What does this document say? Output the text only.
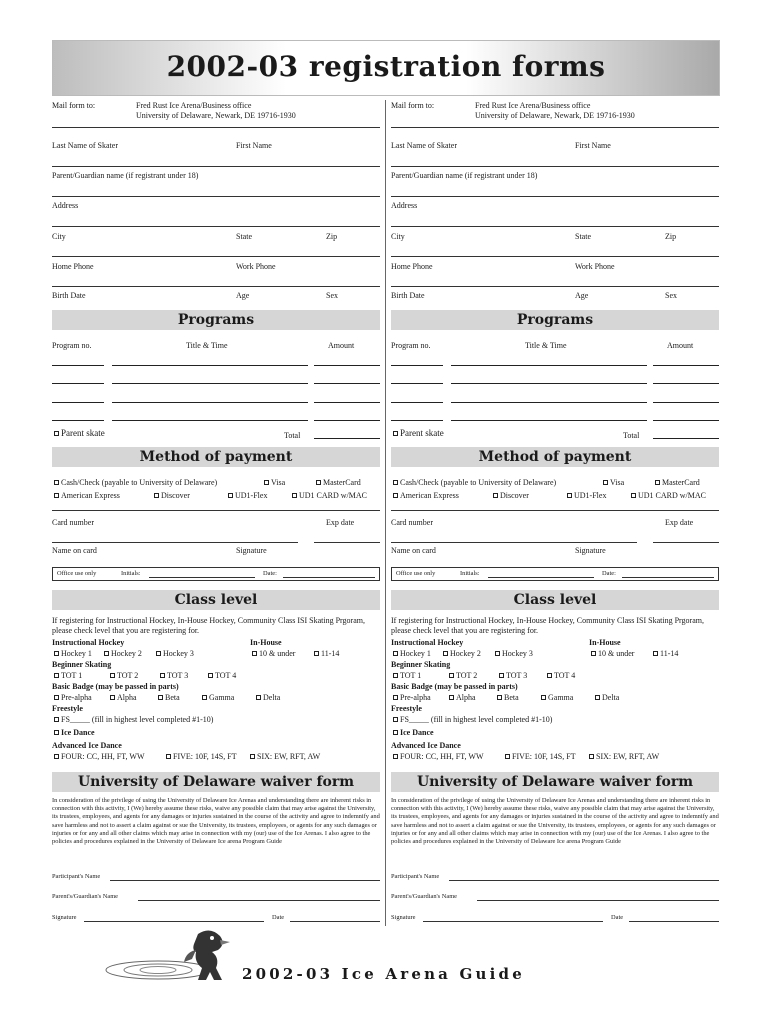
2002-03 registration forms
Mail form to:	Fred Rust Ice Arena/Business office
University of Delaware, Newark, DE 19716-1930
Last Name of Skater	First Name
Parent/Guardian name (if registrant under 18)
Address
City	State	Zip
Home Phone	Work Phone
Birth Date	Age	Sex
Programs
Program no.	Title & Time	Amount
Parent skate	Total
Method of payment
Cash/Check (payable to University of Delaware)	Visa	MasterCard
American Express	Discover	UD1-Flex	UD1 CARD w/MAC
Card number	Exp date
Name on card	Signature
Office use only	Initials:	Date:
Class level
If registering for Instructional Hockey, In-House Hockey, Community Class ISI Skating Prgoram, please check level that you are registering for.
Instructional Hockey	In-House
Hockey 1	Hockey 2	Hockey 3	10 & under	11-14
Beginner Skating
TOT 1	TOT 2	TOT 3	TOT 4
Basic Badge (may be passed in parts)
Pre-alpha	Alpha	Beta	Gamma	Delta
Freestyle
FS_____ (fill in highest level completed #1-10)
Ice Dance
Advanced Ice Dance
FOUR: CC, HH, FT, WW	FIVE: 10F, 14S, FT	SIX: EW, RFT, AW
University of Delaware waiver form
In consideration of the privilege of using the University of Delaware Ice Arenas and understanding there are inherent risks in connection with this activity, I (We) hereby assume these risks, waive any possible claim that may arise against the University, its trustees, employees, and agents for any damages or injuries sustained in the course of the activity and agree to indemnify and save harmless and not to assert a claim against or sue the University, its trustees, employees, or agents for any such damages or injuries or for any and all other claims which may arise in connection with my (our) use of the Ice Arenas. I also agree to the policies and procedures explained in the University of Delaware Ice arena Program Guide
Participant's Name
Parent's/Guardian's Name
Signature	Date
Mail form to:	Fred Rust Ice Arena/Business office
University of Delaware, Newark, DE 19716-1930
Last Name of Skater	First Name
Parent/Guardian name (if registrant under 18)
Address
City	State	Zip
Home Phone	Work Phone
Birth Date	Age	Sex
Programs
Program no.	Title & Time	Amount
Parent skate	Total
Method of payment
Cash/Check (payable to University of Delaware)	Visa	MasterCard
American Express	Discover	UD1-Flex	UD1 CARD w/MAC
Card number	Exp date
Name on card	Signature
Office use only	Initials:	Date:
Class level
If registering for Instructional Hockey, In-House Hockey, Community Class ISI Skating Prgoram, please check level that you are registering for.
Instructional Hockey	In-House
Hockey 1	Hockey 2	Hockey 3	10 & under	11-14
Beginner Skating
TOT 1	TOT 2	TOT 3	TOT 4
Basic Badge (may be passed in parts)
Pre-alpha	Alpha	Beta	Gamma	Delta
Freestyle
FS_____ (fill in highest level completed #1-10)
Ice Dance
Advanced Ice Dance
FOUR: CC, HH, FT, WW	FIVE: 10F, 14S, FT	SIX: EW, RFT, AW
University of Delaware waiver form
In consideration of the privilege of using the University of Delaware Ice Arenas and understanding there are inherent risks in connection with this activity, I (We) hereby assume these risks, waive any possible claim that may arise against the University, its trustees, employees, and agents for any damages or injuries sustained in the course of the activity and agree to indemnify and save harmless and not to assert a claim against or sue the University, its trustees, employees, or agents for any such damages or injuries or for any and all other claims which may arise in connection with my (our) use of the Ice Arenas. I also agree to the policies and procedures explained in the University of Delaware Ice arena Program Guide
Participant's Name
Parent's/Guardian's Name
Signature	Date
2002-03 Ice Arena Guide
